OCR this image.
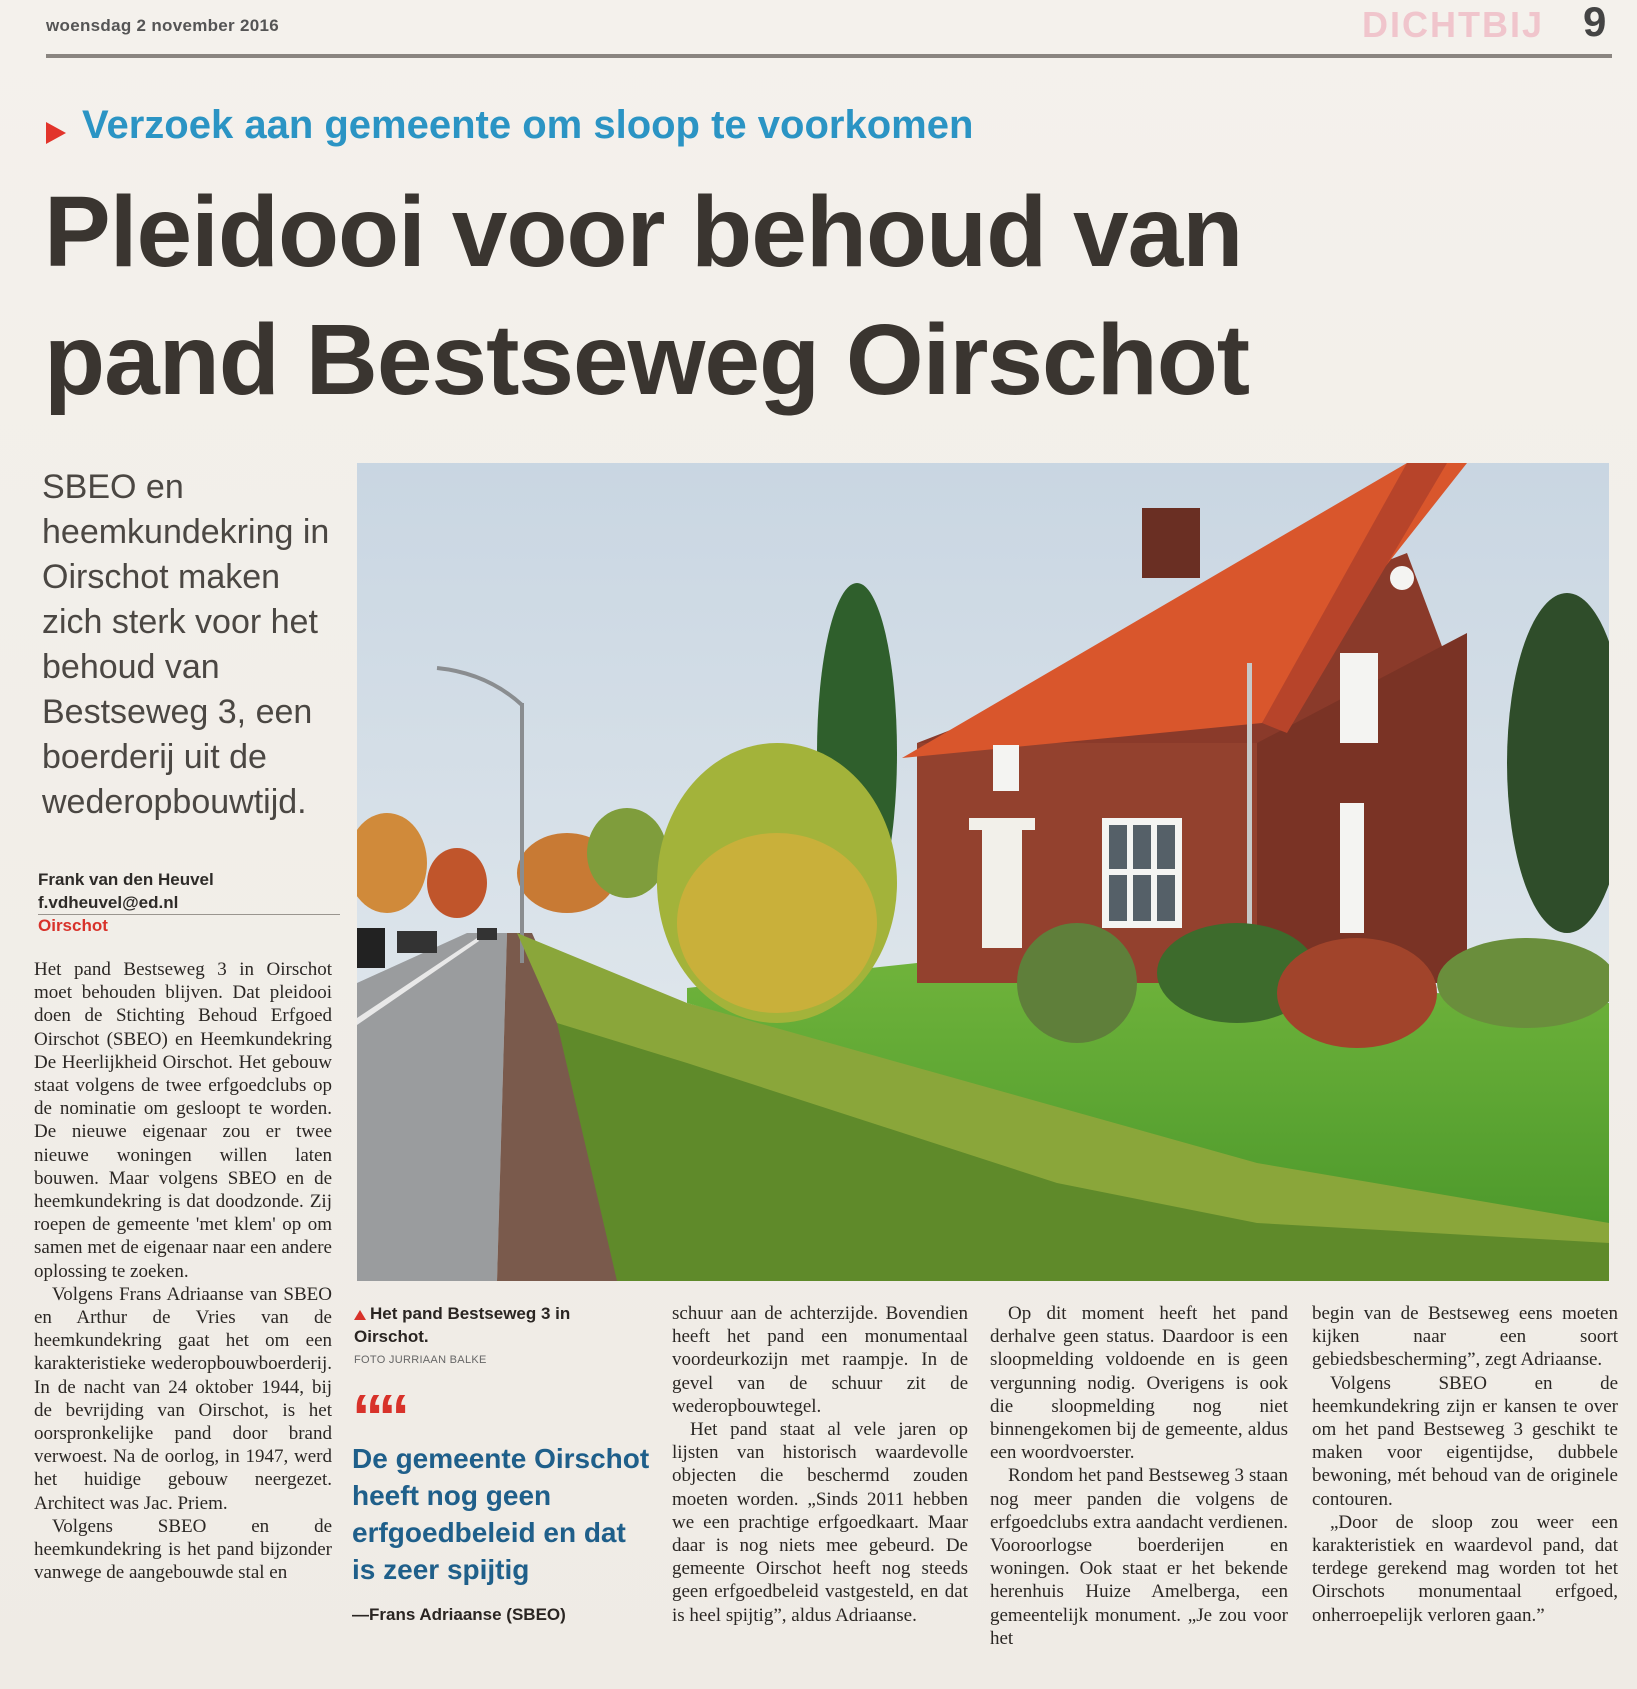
woensdag 2 november 2016	DICHTBIJ 9
Verzoek aan gemeente om sloop te voorkomen
Pleidooi voor behoud van
pand Bestseweg Oirschot
SBEO en heemkundekring in Oirschot maken zich sterk voor het behoud van Bestseweg 3, een boerderij uit de wederopbouwtijd.
Frank van den Heuvel
f.vdheuvel@ed.nl
Oirschot

Het pand Bestseweg 3 in Oirschot moet behouden blijven. Dat pleidooi doen de Stichting Behoud Erfgoed Oirschot (SBEO) en Heemkundekring De Heerlijkheid Oirschot. Het gebouw staat volgens de twee erfgoedclubs op de nominatie om gesloopt te worden. De nieuwe eigenaar zou er twee nieuwe woningen willen laten bouwen. Maar volgens SBEO en de heemkundekring is dat doodzonde. Zij roepen de gemeente 'met klem' op om samen met de eigenaar naar een andere oplossing te zoeken.

Volgens Frans Adriaanse van SBEO en Arthur de Vries van de heemkundekring gaat het om een karakteristieke wederopbouwboerderij. In de nacht van 24 oktober 1944, bij de bevrijding van Oirschot, is het oorspronkelijke pand door brand verwoest. Na de oorlog, in 1947, werd het huidige gebouw neergezet. Architect was Jac. Priem.

Volgens SBEO en de heemkundekring is het pand bijzonder vanwege de aangebouwde stal en

Het pand Bestseweg 3 in Oirschot.
FOTO JURRIAAN BALKE
““
De gemeente Oirschot heeft nog geen erfgoedbeleid en dat is zeer spijtig
—Frans Adriaanse (SBEO)

schuur aan de achterzijde. Bovendien heeft het pand een monumentaal voordeurkozijn met raampje. In de gevel van de schuur zit de wederopbouwtegel.

Het pand staat al vele jaren op lijsten van historisch waardevolle objecten die beschermd zouden moeten worden. „Sinds 2011 hebben we een prachtige erfgoedkaart. Maar daar is nog niets mee gebeurd. De gemeente Oirschot heeft nog steeds geen erfgoedbeleid vastgesteld, en dat is heel spijtig”, aldus Adriaanse.

Op dit moment heeft het pand derhalve geen status. Daardoor is een sloopmelding voldoende en is geen vergunning nodig. Overigens is ook die sloopmelding nog niet binnengekomen bij de gemeente, aldus een woordvoerster.

Rondom het pand Bestseweg 3 staan nog meer panden die volgens de erfgoedclubs extra aandacht verdienen. Vooroorlogse boerderijen en woningen. Ook staat er het bekende herenhuis Huize Amelberga, een gemeentelijk monument. „Je zou voor het

begin van de Bestseweg eens moeten kijken naar een soort gebiedsbescherming”, zegt Adriaanse.

Volgens SBEO en de heemkundekring zijn er kansen te over om het pand Bestseweg 3 geschikt te maken voor eigentijdse, dubbele bewoning, mét behoud van de originele contouren.

„Door de sloop zou weer een karakteristiek en waardevol pand, dat terdege gerekend mag worden tot het Oirschots monumentaal erfgoed, onherroepelijk verloren gaan.”
